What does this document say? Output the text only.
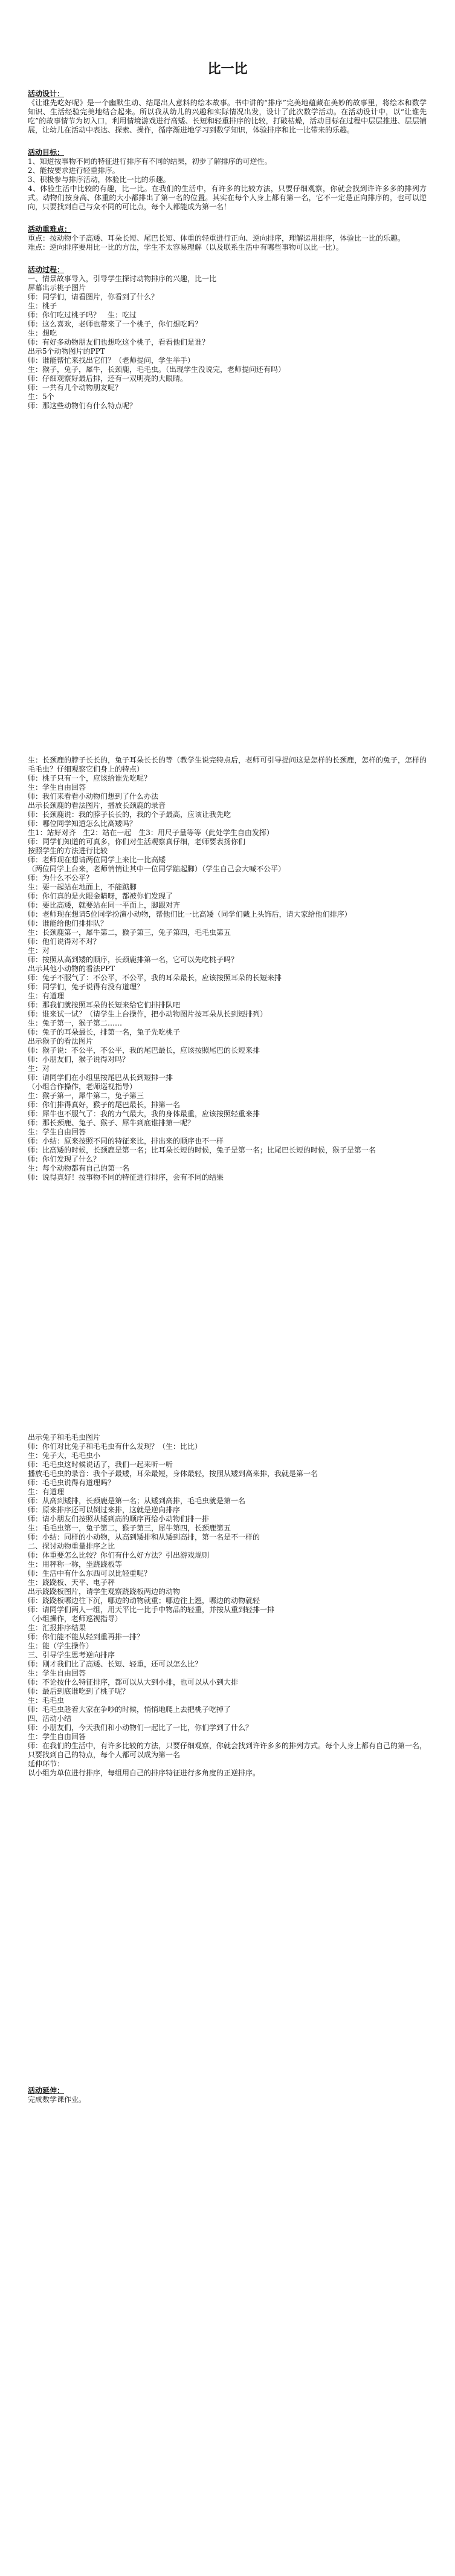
比一比
活动设计：

《让谁先吃好呢》是一个幽默生动、结尾出人意料的绘本故事。书中讲的“排序”完美地蕴藏在美妙的故事里，将绘本和数学知识、生活经验完美地结合起来。所以我从幼儿的兴趣和实际情况出发，设计了此次数学活动。在活动设计中，以“让谁先吃”的故事情节为切入口，利用情境游戏进行高矮、长短和轻重排序的比较，打破枯燥，活动目标在过程中层层推进、层层铺展，让幼儿在活动中表达、探索、操作，循序渐进地学习到数学知识，体验排序和比一比带来的乐趣。

活动目标：

1、知道按事物不同的特征进行排序有不同的结果，初步了解排序的可逆性。

2、能按要求进行轻重排序。

3、积极参与排序活动，体验比一比的乐趣。

4、体验生活中比较的有趣，比一比。在我们的生活中，有许多的比较方法，只要仔细观察，你就会找到许许多多的排列方式。动物们按身高、体重的大小都排出了第一名的位置。其实在每个人身上都有第一名，它不一定是正向排序的，也可以逆向，只要找到自己与众不同的可比点，每个人都能成为第一名！

活动重难点：

重点：按动物个子高矮、耳朵长短、尾巴长短、体重的轻重进行正向、逆向排序，理解运用排序，体验比一比的乐趣。

难点：逆向排序要用比一比的方法，学生不太容易理解（以及联系生活中有哪些事物可以比一比）。

活动过程：

一、情景故事导入，引导学生探讨动物排序的兴趣，比一比

屏幕出示桃子图片

师：同学们，请看图片，你看到了什么？

生：桃子

师：你们吃过桃子吗？　生：吃过

师：这么喜欢，老师也带来了一个桃子，你们想吃吗？

生：想吃

师：有好多动物朋友们也想吃这个桃子，看看他们是谁？

出示5个动物图片的PPT

师：谁能帮忙来找出它们？（老师提问，学生举手）

生：猴子，兔子，犀牛，长颈鹿，毛毛虫。（出现学生没说完，老师提问还有吗）

师：仔细观察好最后排，还有一双明亮的大眼睛。

师：一共有几个动物朋友呢？

生：5个

师：那这些动物们有什么特点呢？

生：长颈鹿的脖子长长的，兔子耳朵长长的等（教学生说完特点后，老师可引导提问这是怎样的长颈鹿，怎样的兔子，怎样的毛毛虫？仔细观察它们身上的特点）

师：桃子只有一个，应该给谁先吃呢？

生：学生自由回答

师：我们来看看小动物们想到了什么办法

出示长颈鹿的看法图片，播放长颈鹿的录音

师：长颈鹿说：我的脖子长长的，我的个子最高，应该让我先吃

师：哪位同学知道怎么比高矮吗？

生1：站好对齐　生2：站在一起　生3：用尺子量等等（此处学生自由发挥）

师：同学们知道的可真多，你们对生活观察真仔细，老师要表扬你们

按照学生的方法进行比较

师：老师现在想请两位同学上来比一比高矮

（两位同学上台来，老师悄悄让其中一位同学踮起脚）（学生自己会大喊不公平）

师：为什么不公平？

生：要一起站在地面上，不能踮脚

师：你们真的是火眼金睛呀，都被你们发现了

师：要比高矮，就要站在同一平面上，脚跟对齐

师：老师现在想请5位同学扮演小动物，帮他们比一比高矮（同学们戴上头饰后，请大家给他们排序）

师：谁能给他们排排队？

生：长颈鹿第一，犀牛第二，猴子第三，兔子第四，毛毛虫第五

师：他们说得对不对？

生：对

师：按照从高到矮的顺序，长颈鹿排第一名，它可以先吃桃子吗？

出示其他小动物的看法PPT

师：兔子不服气了：不公平，不公平，我的耳朵最长，应该按照耳朵的长短来排

师：同学们，兔子说得有没有道理？

生：有道理

师：那我们就按照耳朵的长短来给它们排排队吧

师：谁来试一试？（请学生上台操作，把小动物图片按耳朵从长到短排列）

生：兔子第一，猴子第二……

师：兔子的耳朵最长，排第一名，兔子先吃桃子

出示猴子的看法图片

师：猴子说：不公平，不公平，我的尾巴最长，应该按照尾巴的长短来排

师：小朋友们，猴子说得对吗？

生：对

师：请同学们在小组里按尾巴从长到短排一排

（小组合作操作，老师巡视指导）

生：猴子第一，犀牛第二，兔子第三

师：你们排得真好，猴子的尾巴最长，排第一名

师：犀牛也不服气了：我的力气最大，我的身体最重，应该按照轻重来排

师：那长颈鹿、兔子、猴子、犀牛到底谁排第一呢？

生：学生自由回答

师：小结：原来按照不同的特征来比，排出来的顺序也不一样

师：比高矮的时候，长颈鹿是第一名；比耳朵长短的时候，兔子是第一名；比尾巴长短的时候，猴子是第一名

师：你们发现了什么？

生：每个动物都有自己的第一名

师：说得真好！按事物不同的特征进行排序，会有不同的结果

出示兔子和毛毛虫图片

师：你们对比兔子和毛毛虫有什么发现？（生：比比）

生：兔子大，毛毛虫小

师：毛毛虫这时候说话了，我们一起来听一听

播放毛毛虫的录音：我个子最矮，耳朵最短，身体最轻，按照从矮到高来排，我就是第一名

师：毛毛虫说得有道理吗？

生：有道理

师：从高到矮排，长颈鹿是第一名；从矮到高排，毛毛虫就是第一名

师：原来排序还可以倒过来排，这就是逆向排序

师：请小朋友们按照从矮到高的顺序再给小动物们排一排

生：毛毛虫第一，兔子第二，猴子第三，犀牛第四，长颈鹿第五

师：小结：同样的小动物，从高到矮排和从矮到高排，第一名是不一样的

二、探讨动物重量排序之比

师：体重要怎么比较？你们有什么好方法？引出游戏规则

生：用秤称一称，坐跷跷板等

师：生活中有什么东西可以比轻重呢？

生：跷跷板、天平、电子秤

出示跷跷板图片，请学生观察跷跷板两边的动物

师：跷跷板哪边往下沉，哪边的动物就重；哪边往上翘，哪边的动物就轻

师：请同学们两人一组，用天平比一比手中物品的轻重，并按从重到轻排一排

（小组操作，老师巡视指导）

生：汇报排序结果

师：你们能不能从轻到重再排一排？

生：能（学生操作）

三、引导学生思考逆向排序

师：刚才我们比了高矮、长短、轻重，还可以怎么比？

生：学生自由回答

师：不论按什么特征排序，都可以从大到小排，也可以从小到大排

师：最后到底谁吃到了桃子呢？

生：毛毛虫

师：毛毛虫趁着大家在争吵的时候，悄悄地爬上去把桃子吃掉了

四、活动小结

师：小朋友们，今天我们和小动物们一起比了一比，你们学到了什么？

生：学生自由回答

师：在我们的生活中，有许多比较的方法，只要仔细观察，你就会找到许许多多的排列方式。每个人身上都有自己的第一名，只要找到自己的特点，每个人都可以成为第一名

延伸环节：

以小组为单位进行排序，每组用自己的排序特征进行多角度的正逆排序。

活动延伸：

完成数学课作业。
